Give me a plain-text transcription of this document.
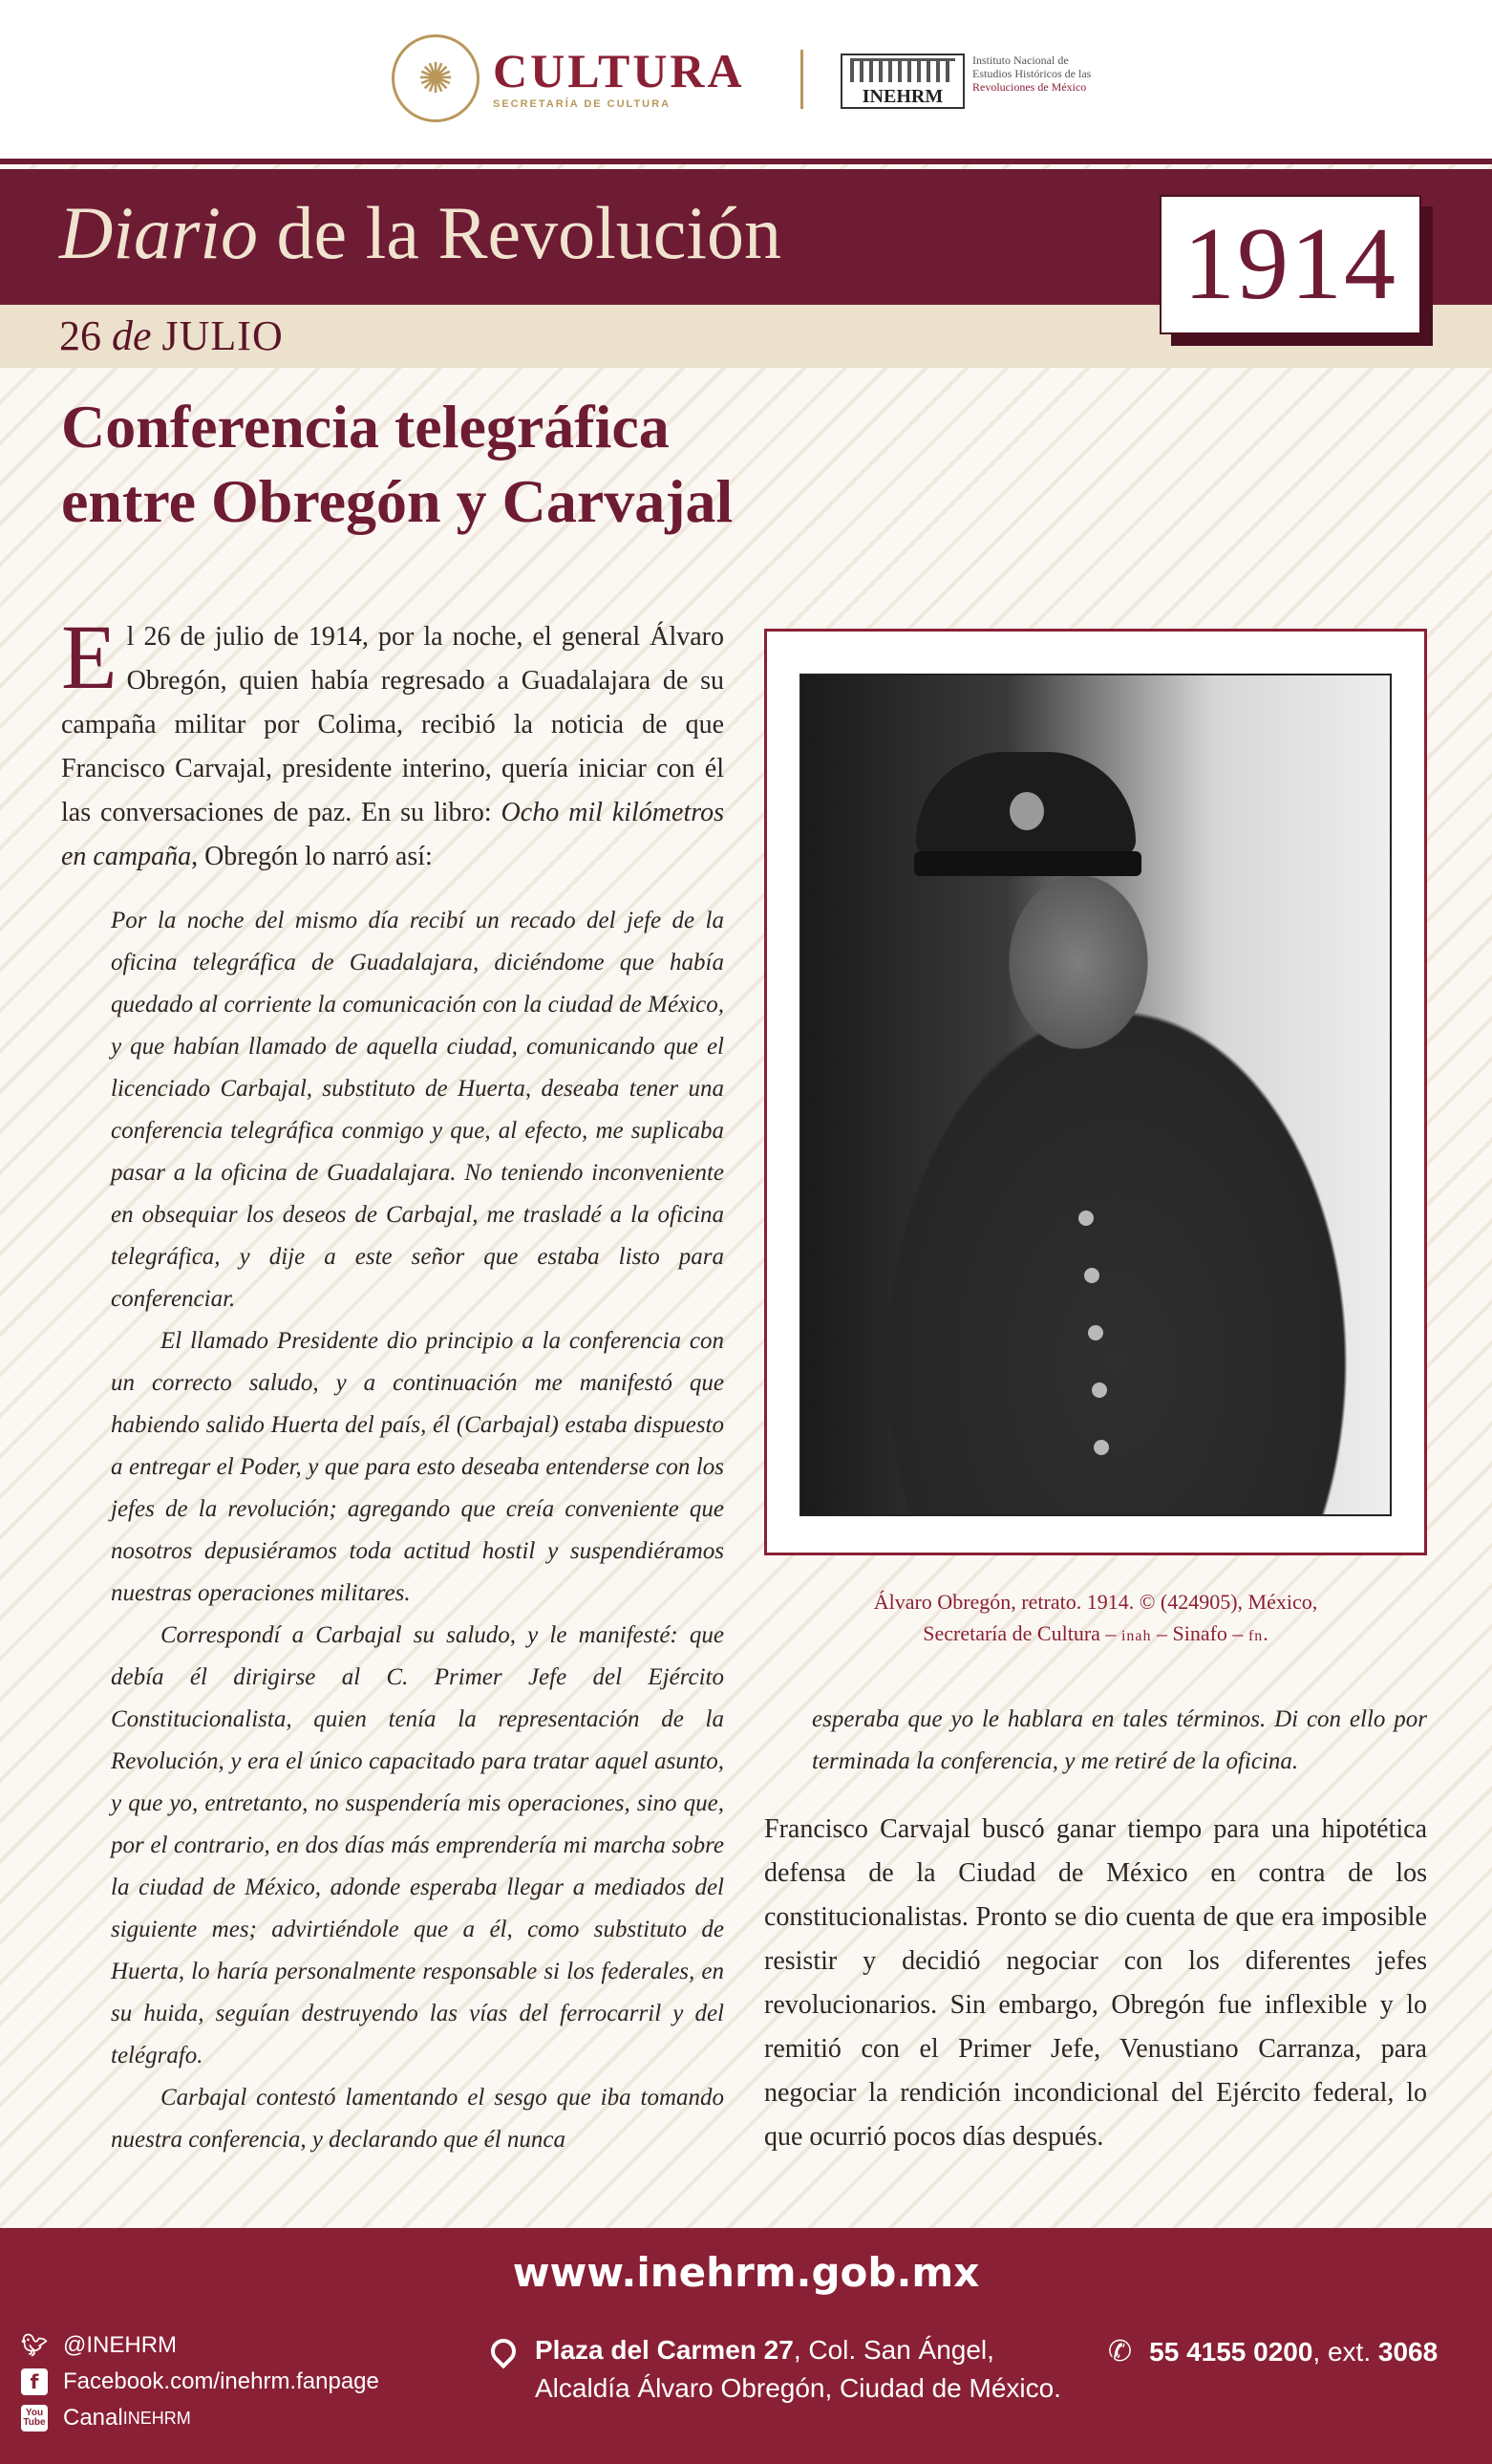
✺ CULTURA
SECRETARÍA DE CULTURA	INEHRM
Instituto Nacional de
Estudios Históricos de las
Revoluciones de México
Diario de la Revolución
26 de JULIO
1914
Conferencia telegráfica
entre Obregón y Carvajal

El 26 de julio de 1914, por la noche, el general Álvaro Obregón, quien había regresado a Guadalajara de su campaña militar por Colima, recibió la noticia de que Francisco Carvajal, presidente interino, quería iniciar con él las conversaciones de paz. En su libro: Ocho mil kilómetros en campaña, Obregón lo narró así:

Por la noche del mismo día recibí un recado del jefe de la oficina telegráfica de Guadalajara, diciéndome que había quedado al corriente la comunicación con la ciudad de México, y que habían llamado de aquella ciudad, comunicando que el licenciado Carbajal, substituto de Huerta, deseaba tener una conferencia telegráfica conmigo y que, al efecto, me suplicaba pasar a la oficina de Guadalajara. No teniendo inconveniente en obsequiar los deseos de Carbajal, me trasladé a la oficina telegráfica, y dije a este señor que estaba listo para conferenciar.

El llamado Presidente dio principio a la conferencia con un correcto saludo, y a continuación me manifestó que habiendo salido Huerta del país, él (Carbajal) estaba dispuesto a entregar el Poder, y que para esto deseaba entenderse con los jefes de la revolución; agregando que creía conveniente que nosotros depusiéramos toda actitud hostil y suspendiéramos nuestras operaciones militares.

Correspondí a Carbajal su saludo, y le manifesté: que debía él dirigirse al C. Primer Jefe del Ejército Constitucionalista, quien tenía la representación de la Revolución, y era el único capacitado para tratar aquel asunto, y que yo, entretanto, no suspendería mis operaciones, sino que, por el contrario, en dos días más emprendería mi marcha sobre la ciudad de México, adonde esperaba llegar a mediados del siguiente mes; advirtiéndole que a él, como substituto de Huerta, lo haría personalmente responsable si los federales, en su huida, seguían destruyendo las vías del ferrocarril y del telégrafo.

Carbajal contestó lamentando el sesgo que iba tomando nuestra conferencia, y declarando que él nunca

Álvaro Obregón, retrato. 1914. © (424905), México,
Secretaría de Cultura – inah – Sinafo – fn.

esperaba que yo le hablara en tales términos. Di con ello por terminada la conferencia, y me retiré de la oficina.

Francisco Carvajal buscó ganar tiempo para una hipotética defensa de la Ciudad de México en contra de los constitucionalistas. Pronto se dio cuenta de que era imposible resistir y decidió negociar con los diferentes jefes revolucionarios. Sin embargo, Obregón fue inflexible y lo remitió con el Primer Jefe, Venustiano Carranza, para negociar la rendición incondicional del Ejército federal, lo que ocurrió pocos días después.

www.inehrm.gob.mx
🐦︎ @INEHRM
f	Facebook.com/inehrm.fanpage
You Tube Canal INEHRM
Plaza del Carmen 27, Col. San Ángel,
Alcaldía Álvaro Obregón, Ciudad de México.
✆ 55 4155 0200, ext. 3068
